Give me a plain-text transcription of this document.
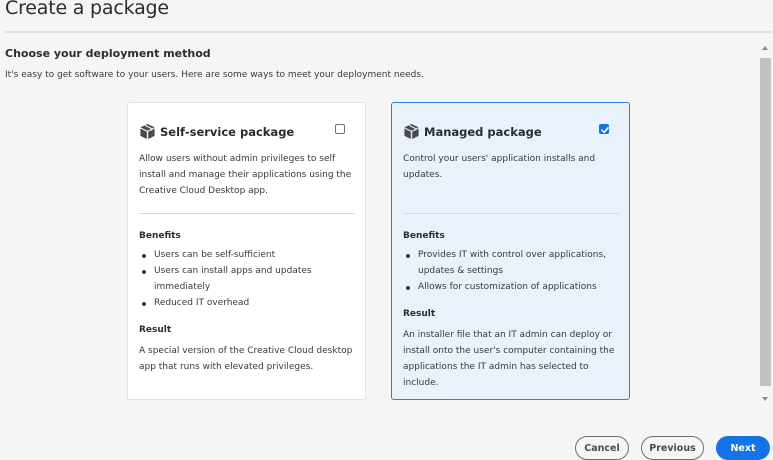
Create a package
Choose your deployment method
It's easy to get software to your users. Here are some ways to meet your deployment needs.
Self-service package
Allow users without admin privileges to self install and manage their applications using the Creative Cloud Desktop app.
Benefits
Users can be self-sufficient
Users can install apps and updates immediately
Reduced IT overhead
Result
A special version of the Creative Cloud desktop app that runs with elevated privileges.
Managed package
Control your users' application installs and updates.
Benefits
Provides IT with control over applications, updates & settings
Allows for customization of applications
Result
An installer file that an IT admin can deploy or install onto the user's computer containing the applications the IT admin has selected to include.
Cancel	Previous	Next
